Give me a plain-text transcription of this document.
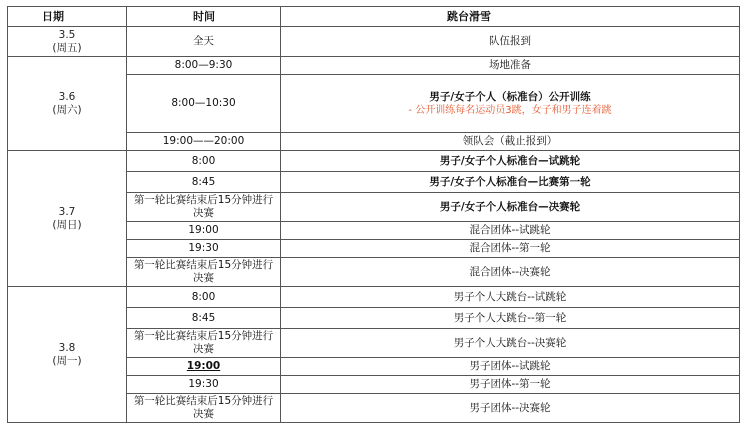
日期	时间	跳台滑雪
3.5
(周五)	全天	队伍报到
3.6
(周六)	8:00—9:30	场地准备
	8:00—10:30	男子/女子个人（标准台）公开训练
- 公开训练每名运动员3跳，女子和男子连着跳

	19:00——20:00	领队会（截止报到）
3.7
(周日)	8:00	男子/女子个人标准台—试跳轮
	8:45	男子/女子个人标准台—比赛第一轮
	第一轮比赛结束后15分钟进行决赛	男子/女子个人标准台—决赛轮
	19:00	混合团体--试跳轮
	19:30	混合团体--第一轮
	第一轮比赛结束后15分钟进行决赛	混合团体--决赛轮
3.8
(周一)	8:00	男子个人大跳台--试跳轮
	8:45	男子个人大跳台--第一轮
	第一轮比赛结束后15分钟进行决赛	男子个人大跳台--决赛轮
	19:00	男子团体--试跳轮
	19:30	男子团体--第一轮
	第一轮比赛结束后15分钟进行决赛	男子团体--决赛轮
